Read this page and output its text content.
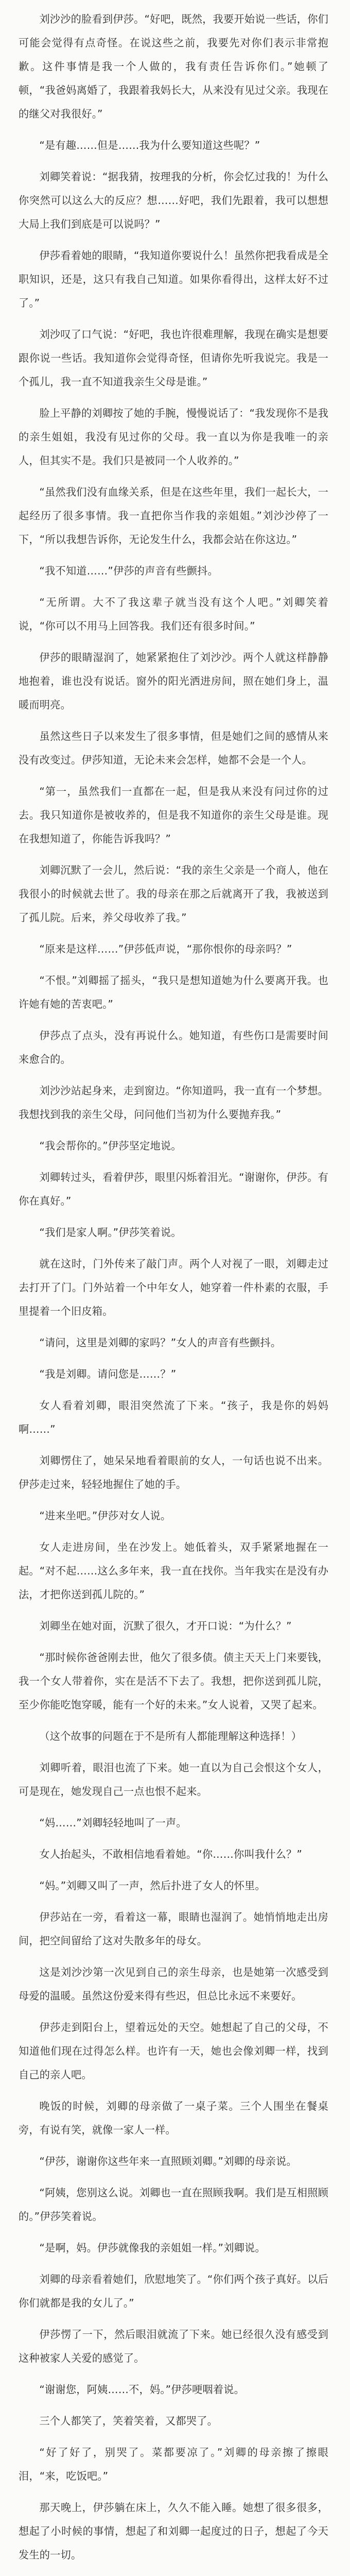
刘沙沙的脸看到伊莎。“好吧，既然，我要开始说一些话，你们可能会觉得有点奇怪。在说这些之前，我要先对你们表示非常抱歉。这件事情是我一个人做的，我有责任告诉你们。”她顿了顿，“我爸妈离婚了，我跟着我妈长大，从来没有见过父亲。我现在的继父对我很好。”

“是有趣……但是……我为什么要知道这些呢？”

刘卿笑着说：“据我猜，按理我的分析，你会忆过我的！为什么你突然可以这么大的反应？想……好吧，我们先跟着，我可以想想大局上我们到底是可以说吗？”

伊莎看着她的眼睛，“我知道你要说什么！虽然你把我看成是全职知识，还是，这只有我自己知道。如果你看得出，这样太好不过了。”

刘沙叹了口气说：“好吧，我也许很难理解，我现在确实是想要跟你说一些话。我知道你会觉得奇怪，但请你先听我说完。我是一个孤儿，我一直不知道我亲生父母是谁。”

脸上平静的刘卿按了她的手腕，慢慢说话了：“我发现你不是我的亲生姐姐，我没有见过你的父母。我一直以为你是我唯一的亲人，但其实不是。我们只是被同一个人收养的。”

“虽然我们没有血缘关系，但是在这些年里，我们一起长大，一起经历了很多事情。我一直把你当作我的亲姐姐。”刘沙沙停了一下，“所以我想告诉你，无论发生什么，我都会站在你这边。”

“我不知道……”伊莎的声音有些颤抖。

“无所谓。大不了我这辈子就当没有这个人吧。”刘卿笑着说，“你可以不用马上回答我。我们还有很多时间。”

伊莎的眼睛湿润了，她紧紧抱住了刘沙沙。两个人就这样静静地抱着，谁也没有说话。窗外的阳光洒进房间，照在她们身上，温暖而明亮。

虽然这些日子以来发生了很多事情，但是她们之间的感情从来没有改变过。伊莎知道，无论未来会怎样，她都不会是一个人。

“第一，虽然我们一直都在一起，但是我从来没有问过你的过去。我只知道你是被收养的，但是我不知道你的亲生父母是谁。现在我想知道了，你能告诉我吗？”

刘卿沉默了一会儿，然后说：“我的亲生父亲是一个商人，他在我很小的时候就去世了。我的母亲在那之后就离开了我，我被送到了孤儿院。后来，养父母收养了我。”

“原来是这样……”伊莎低声说，“那你恨你的母亲吗？”

“不恨。”刘卿摇了摇头，“我只是想知道她为什么要离开我。也许她有她的苦衷吧。”

伊莎点了点头，没有再说什么。她知道，有些伤口是需要时间来愈合的。

刘沙沙站起身来，走到窗边。“你知道吗，我一直有一个梦想。我想找到我的亲生父母，问问他们当初为什么要抛弃我。”

“我会帮你的。”伊莎坚定地说。

刘卿转过头，看着伊莎，眼里闪烁着泪光。“谢谢你，伊莎。有你在真好。”

“我们是家人啊。”伊莎笑着说。

就在这时，门外传来了敲门声。两个人对视了一眼，刘卿走过去打开了门。门外站着一个中年女人，她穿着一件朴素的衣服，手里提着一个旧皮箱。

“请问，这里是刘卿的家吗？”女人的声音有些颤抖。

“我是刘卿。请问您是……？”

女人看着刘卿，眼泪突然流了下来。“孩子，我是你的妈妈啊……”

刘卿愣住了，她呆呆地看着眼前的女人，一句话也说不出来。伊莎走过来，轻轻地握住了她的手。

“进来坐吧。”伊莎对女人说。

女人走进房间，坐在沙发上。她低着头，双手紧紧地握在一起。“对不起……这么多年来，我一直在找你。当年我实在是没有办法，才把你送到孤儿院的。”

刘卿坐在她对面，沉默了很久，才开口说：“为什么？”

“那时候你爸爸刚去世，他欠了很多债。债主天天上门来要钱，我一个女人带着你，实在是活不下去了。我想，把你送到孤儿院，至少你能吃饱穿暖，能有一个好的未来。”女人说着，又哭了起来。

（这个故事的问题在于不是所有人都能理解这种选择！）

刘卿听着，眼泪也流了下来。她一直以为自己会恨这个女人，可是现在，她发现自己一点也恨不起来。

“妈……”刘卿轻轻地叫了一声。

女人抬起头，不敢相信地看着她。“你……你叫我什么？”

“妈。”刘卿又叫了一声，然后扑进了女人的怀里。

伊莎站在一旁，看着这一幕，眼睛也湿润了。她悄悄地走出房间，把空间留给了这对失散多年的母女。

这是刘沙沙第一次见到自己的亲生母亲，也是她第一次感受到母爱的温暖。虽然这份爱来得有些迟，但总比永远不来要好。

伊莎走到阳台上，望着远处的天空。她想起了自己的父母，不知道他们现在过得怎么样。也许有一天，她也会像刘卿一样，找到自己的亲人吧。

晚饭的时候，刘卿的母亲做了一桌子菜。三个人围坐在餐桌旁，有说有笑，就像一家人一样。

“伊莎，谢谢你这些年来一直照顾刘卿。”刘卿的母亲说。

“阿姨，您别这么说。刘卿也一直在照顾我啊。我们是互相照顾的。”伊莎笑着说。

“是啊，妈。伊莎就像我的亲姐姐一样。”刘卿说。

刘卿的母亲看着她们，欣慰地笑了。“你们两个孩子真好。以后你们就都是我的女儿了。”

伊莎愣了一下，然后眼泪就流了下来。她已经很久没有感受到这种被家人关爱的感觉了。

“谢谢您，阿姨……不，妈。”伊莎哽咽着说。

三个人都笑了，笑着笑着，又都哭了。

“好了好了，别哭了。菜都要凉了。”刘卿的母亲擦了擦眼泪，“来，吃饭吧。”

那天晚上，伊莎躺在床上，久久不能入睡。她想了很多很多，想起了小时候的事情，想起了和刘卿一起度过的日子，想起了今天发生的一切。
